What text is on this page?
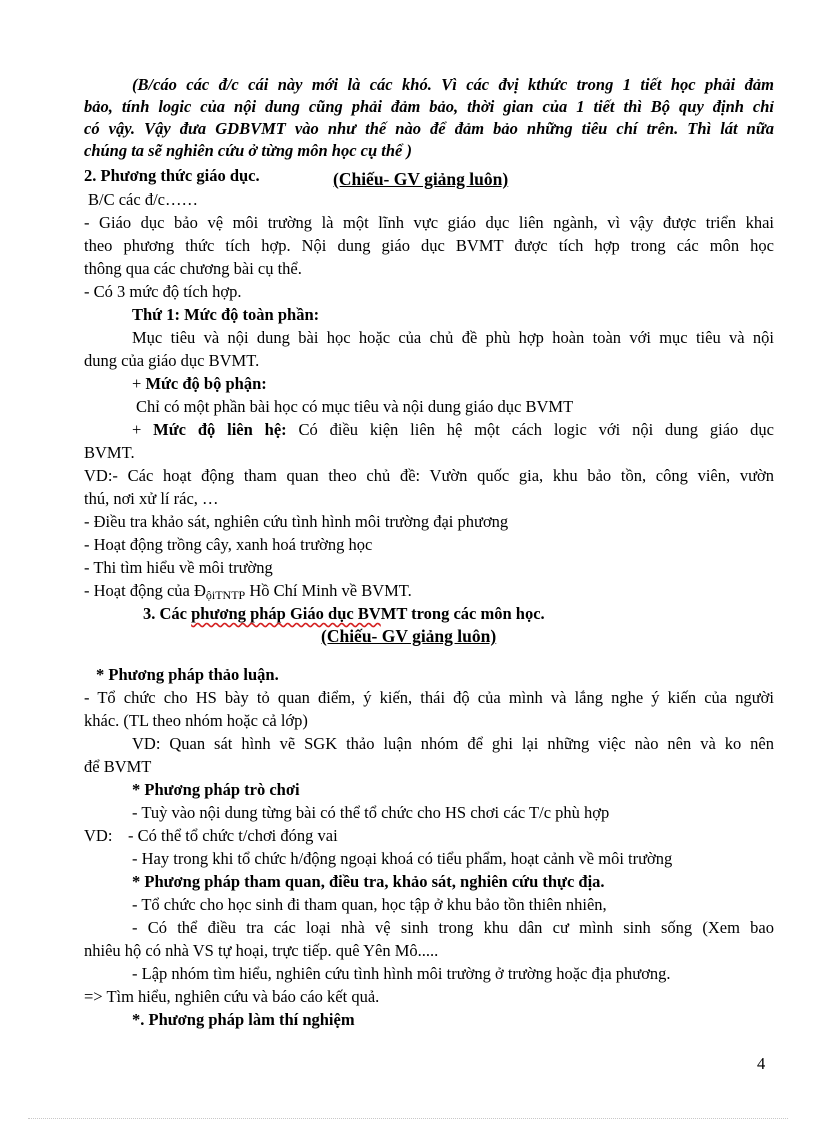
(B/cáo các đ/c cái này mới là các khó. Vì các đvị kthức trong 1 tiết học phải đảm
bảo, tính logic của nội dung cũng phải đảm bảo, thời gian của 1 tiết thì Bộ quy định chỉ
có vậy. Vậy đưa GDBVMT vào như thế nào để đảm bảo những tiêu chí trên. Thì lát nữa
chúng ta sẽ nghiên cứu ở từng môn học cụ thể )
2. Phương thức giáo dục.	(Chiếu- GV giảng luôn)
B/C các đ/c……
- Giáo dục bảo vệ môi trường là một lĩnh vực giáo dục liên ngành, vì vậy được triển khai
theo phương thức tích hợp. Nội dung giáo dục BVMT được tích hợp trong các môn học
thông qua các chương bài cụ thể.
- Có 3 mức độ tích hợp.
Thứ 1: Mức độ toàn phần:
Mục tiêu và nội dung bài học hoặc của chủ đề phù hợp hoàn toàn với mục tiêu và nội
dung của giáo dục BVMT.
+ Mức độ bộ phận:
Chỉ có một phần bài học có mục tiêu và nội dung giáo dục BVMT
+ Mức độ liên hệ: Có điều kiện liên hệ một cách logic với nội dung giáo dục
BVMT.
VD:- Các hoạt động tham quan theo chủ đề: Vườn quốc gia, khu bảo tồn, công viên, vườn
thú, nơi xử lí rác, …
- Điều tra khảo sát, nghiên cứu tình hình môi trường đại phương
- Hoạt động trồng cây, xanh hoá trường học
- Thi tìm hiểu về môi trường
- Hoạt động của ĐộiTNTP Hồ Chí Minh về BVMT.
3. Các phương pháp Giáo dục BVMT trong các môn học.
(Chiếu- GV giảng luôn)
* Phương pháp thảo luận.
- Tổ chức cho HS bày tỏ quan điểm, ý kiến, thái độ của mình và lắng nghe ý kiến của người
khác. (TL theo nhóm hoặc cả lớp)
VD: Quan sát hình vẽ SGK thảo luận nhóm để ghi lại những việc nào nên và ko nên
để BVMT
* Phương pháp trò chơi
- Tuỳ vào nội dung từng bài có thể tổ chức cho HS chơi các T/c phù hợp
VD: - Có thể tổ chức t/chơi đóng vai
- Hay trong khi tổ chức h/động ngoại khoá có tiểu phẩm, hoạt cảnh về môi trường
* Phương pháp tham quan, điều tra, khảo sát, nghiên cứu thực địa.
- Tổ chức cho học sinh đi tham quan, học tập ở khu bảo tồn thiên nhiên,
- Có thể điều tra các loại nhà vệ sinh trong khu dân cư mình sinh sống (Xem bao
nhiêu hộ có nhà VS tự hoại, trực tiếp. quê Yên Mô.....
- Lập nhóm tìm hiểu, nghiên cứu tình hình môi trường ở trường hoặc địa phương.
=> Tìm hiểu, nghiên cứu và báo cáo kết quả.
*. Phương pháp làm thí nghiệm
4
